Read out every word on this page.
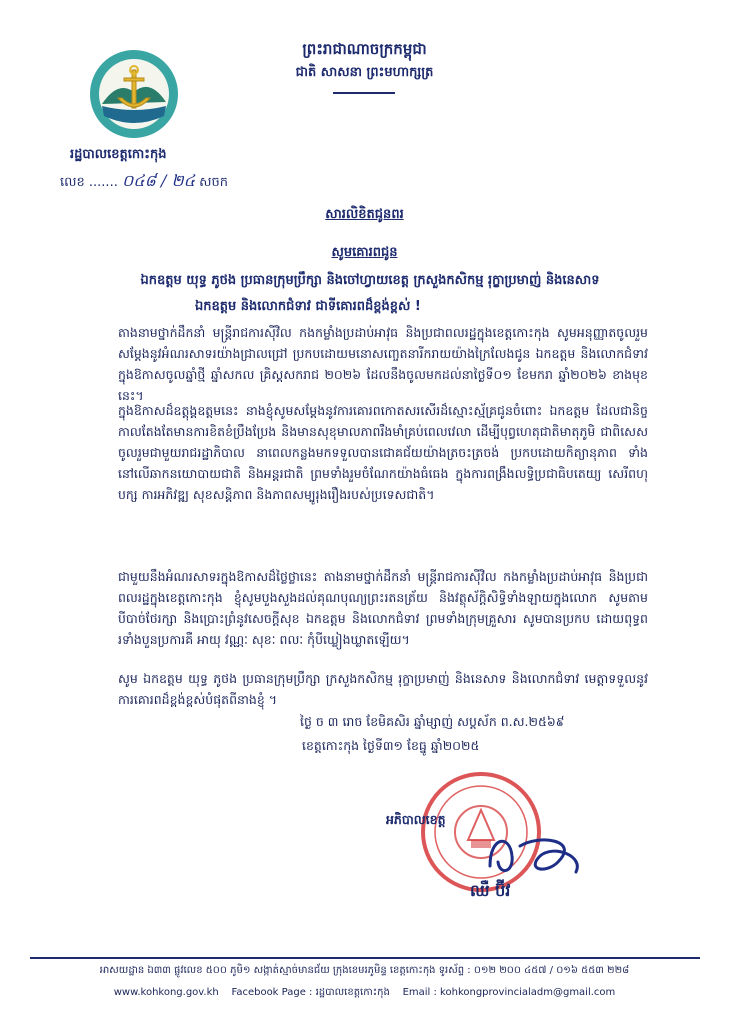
ព្រះរាជាណាចក្រកម្ពុជា
ជាតិ សាសនា ព្រះមហាក្សត្រ
រដ្ឋបាលខេត្តកោះកុង
លេខ ....... ០៤៨ / ២៤ សចក
សារលិខិតជូនពរ
សូមគោរពជូន
ឯកឧត្តម យុទ្ធ ភូថង ប្រធានក្រុមប្រឹក្សា និងចៅហ្វាយខេត្ត ក្រសួងកសិកម្ម រុក្ខាប្រមាញ់ និងនេសាទ
ឯកឧត្តម និងលោកជំទាវ ជាទីគោរពដ៏ខ្ពង់ខ្ពស់ !
តាងនាមថ្នាក់ដឹកនាំ មន្ត្រីរាជការស៊ីវិល កងកម្លាំងប្រដាប់អាវុធ និងប្រជាពលរដ្ឋក្នុងខេត្តកោះកុង សូមអនុញ្ញាតចូលរួមសម្តែងនូវអំណរសាទរយ៉ាងជ្រាលជ្រៅ ប្រកបដោយមនោសញ្ចេតនារីករាយយ៉ាងក្រៃលែងជូន ឯកឧត្តម និងលោកជំទាវ ក្នុងឱកាសចូលឆ្នាំថ្មី ឆ្នាំសកល គ្រិស្តសករាជ ២០២៦ ដែលនឹងចូលមកដល់នាថ្ងៃទី០១ ខែមករា ឆ្នាំ២០២៦ ខាងមុខនេះ។
ក្នុងឱកាសដ៏ឧត្តុង្គឧត្តមនេះ នាងខ្ញុំសូមសម្តែងនូវការគោរពកោតសរសើរដ៏ស្មោះស្ម័គ្រជូនចំពោះ ឯកឧត្តម ដែលជានិច្ចកាលតែងតែមានការខិតខំប្រឹងប្រែង និងមានសុខុមាលភាពរឹងមាំគ្រប់ពេលវេលា ដើម្បីបុព្វហេតុជាតិមាតុភូមិ ជាពិសេសចូលរួមជាមួយរាជរដ្ឋាភិបាល នាពេលកន្លងមកទទួលបានជោគជ័យយ៉ាងត្រចះត្រចង់ ប្រកបដោយកិត្យានុភាព ទាំងនៅលើឆាកនយោបាយជាតិ និងអន្តរជាតិ ព្រមទាំងរួមចំណែកយ៉ាងធំធេង ក្នុងការពង្រឹងលទ្ធិប្រជាធិបតេយ្យ សេរីពហុបក្ស ការអភិវឌ្ឍ សុខសន្តិភាព និងភាពសម្បូរុងរឿងរបស់ប្រទេសជាតិ។
ជាមួយនឹងអំណរសាទរក្នុងឱកាសដ៏ថ្លៃថ្លានេះ តាងនាមថ្នាក់ដឹកនាំ មន្ត្រីរាជការស៊ីវិល កងកម្លាំងប្រដាប់អាវុធ និងប្រជាពលរដ្ឋក្នុងខេត្តកោះកុង ខ្ញុំសូមបួងសួងដល់គុណបុណ្យព្រះរតនត្រ័យ និងវត្ថុស័ក្តិសិទ្ធិទាំងឡាយក្នុងលោក សូមតាមបីបាច់ថែរក្សា និងប្រោះព្រំនូវសេចក្តីសុខ ឯកឧត្តម និងលោកជំទាវ ព្រមទាំងក្រុមគ្រួសារ សូមបានប្រកប ដោយពុទ្ធពរទាំងបួនប្រការគឺ អាយុ វណ្ណៈ សុខៈ ពលៈ កុំបីឃ្លៀងឃ្លាតឡើយ។
សូម ឯកឧត្តម យុទ្ធ ភូថង ប្រធានក្រុមប្រឹក្សា ក្រសួងកសិកម្ម រុក្ខាប្រមាញ់ និងនេសាទ និងលោកជំទាវ មេត្តាទទួលនូវការគោរពដ៏ខ្ពង់ខ្ពស់បំផុតពីនាងខ្ញុំ ។
ថ្ងៃ ច ៣ រោច ខែមិគសិរ ឆ្នាំម្សាញ់ សប្តស័ក ព.ស.២៥៦៩
ខេត្តកោះកុង ថ្ងៃទី៣១ ខែធ្នូ ឆ្នាំ២០២៥
អភិបាលខេត្ត
ឈឺ ប៊ីវ
អាសយដ្ឋាន ឯ៣៣ ផ្លូវលេខ ៥០០ ភូមិ១ សង្កាត់ស្មាច់មានជ័យ ក្រុងខេមរភូមិន្ទ ខេត្តកោះកុង ទូរស័ព្ទ : ០១២ ២០០ ៤៥៧ / ០១៦ ៥៥៣ ២២៨
www.kohkong.gov.kh Facebook Page : រដ្ឋបាលខេត្តកោះកុង Email : kohkongprovincialadm@gmail.com
